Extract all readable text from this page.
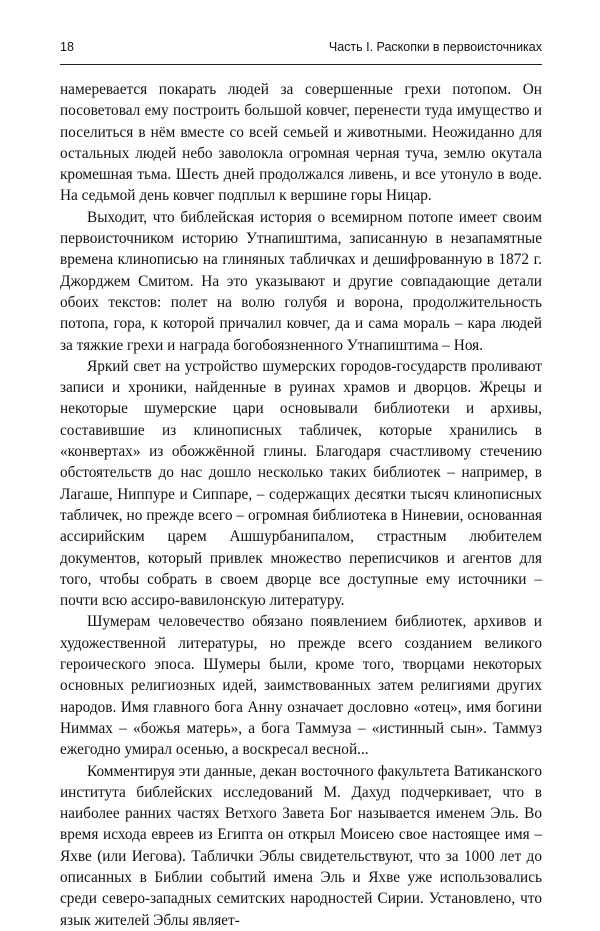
18	Часть I. Раскопки в первоисточниках

намеревается покарать людей за совершенные грехи потопом. Он посоветовал ему построить большой ковчег, перенести туда имущество и поселиться в нём вместе со всей семьей и животными. Неожиданно для остальных людей небо заволокла огромная черная туча, землю окутала кромешная тьма. Шесть дней продолжался ливень, и все утонуло в воде. На седьмой день ковчег подплыл к вершине горы Ницар.

Выходит, что библейская история о всемирном потопе имеет своим первоисточником историю Утнапиштима, записанную в незапамятные времена клинописью на глиняных табличках и дешифрованную в 1872 г. Джорджем Смитом. На это указывают и другие совпадающие детали обоих текстов: полет на волю голубя и ворона, продолжительность потопа, гора, к которой причалил ковчег, да и сама мораль – кара людей за тяжкие грехи и награда богобоязненного Утнапиштима – Ноя.

Яркий свет на устройство шумерских городов-государств проливают записи и хроники, найденные в руинах храмов и дворцов. Жрецы и некоторые шумерские цари основывали библиотеки и архивы, составившие из клинописных табличек, которые хранились в «конвертах» из обожжённой глины. Благодаря счастливому стечению обстоятельств до нас дошло несколько таких библиотек – например, в Лагаше, Ниппуре и Сиппаре, – содержащих десятки тысяч клинописных табличек, но прежде всего – огромная библиотека в Ниневии, основанная ассирийским царем Ашшурбанипалом, страстным любителем документов, который привлек множество переписчиков и агентов для того, чтобы собрать в своем дворце все доступные ему источники – почти всю ассиро-вавилонскую литературу.

Шумерам человечество обязано появлением библиотек, архивов и художественной литературы, но прежде всего созданием великого героического эпоса. Шумеры были, кроме того, творцами некоторых основных религиозных идей, заимствованных затем религиями других народов. Имя главного бога Анну означает дословно «отец», имя богини Ниммах – «божья матерь», а бога Таммуза – «истинный сын». Таммуз ежегодно умирал осенью, а воскресал весной...

Комментируя эти данные, декан восточного факультета Ватиканского института библейских исследований М. Дахуд подчеркивает, что в наиболее ранних частях Ветхого Завета Бог называется именем Эль. Во время исхода евреев из Египта он открыл Моисею свое настоящее имя – Яхве (или Иегова). Таблички Эблы свидетельствуют, что за 1000 лет до описанных в Библии событий имена Эль и Яхве уже использовались среди северо-западных семитских народностей Сирии. Установлено, что язык жителей Эблы являет-
